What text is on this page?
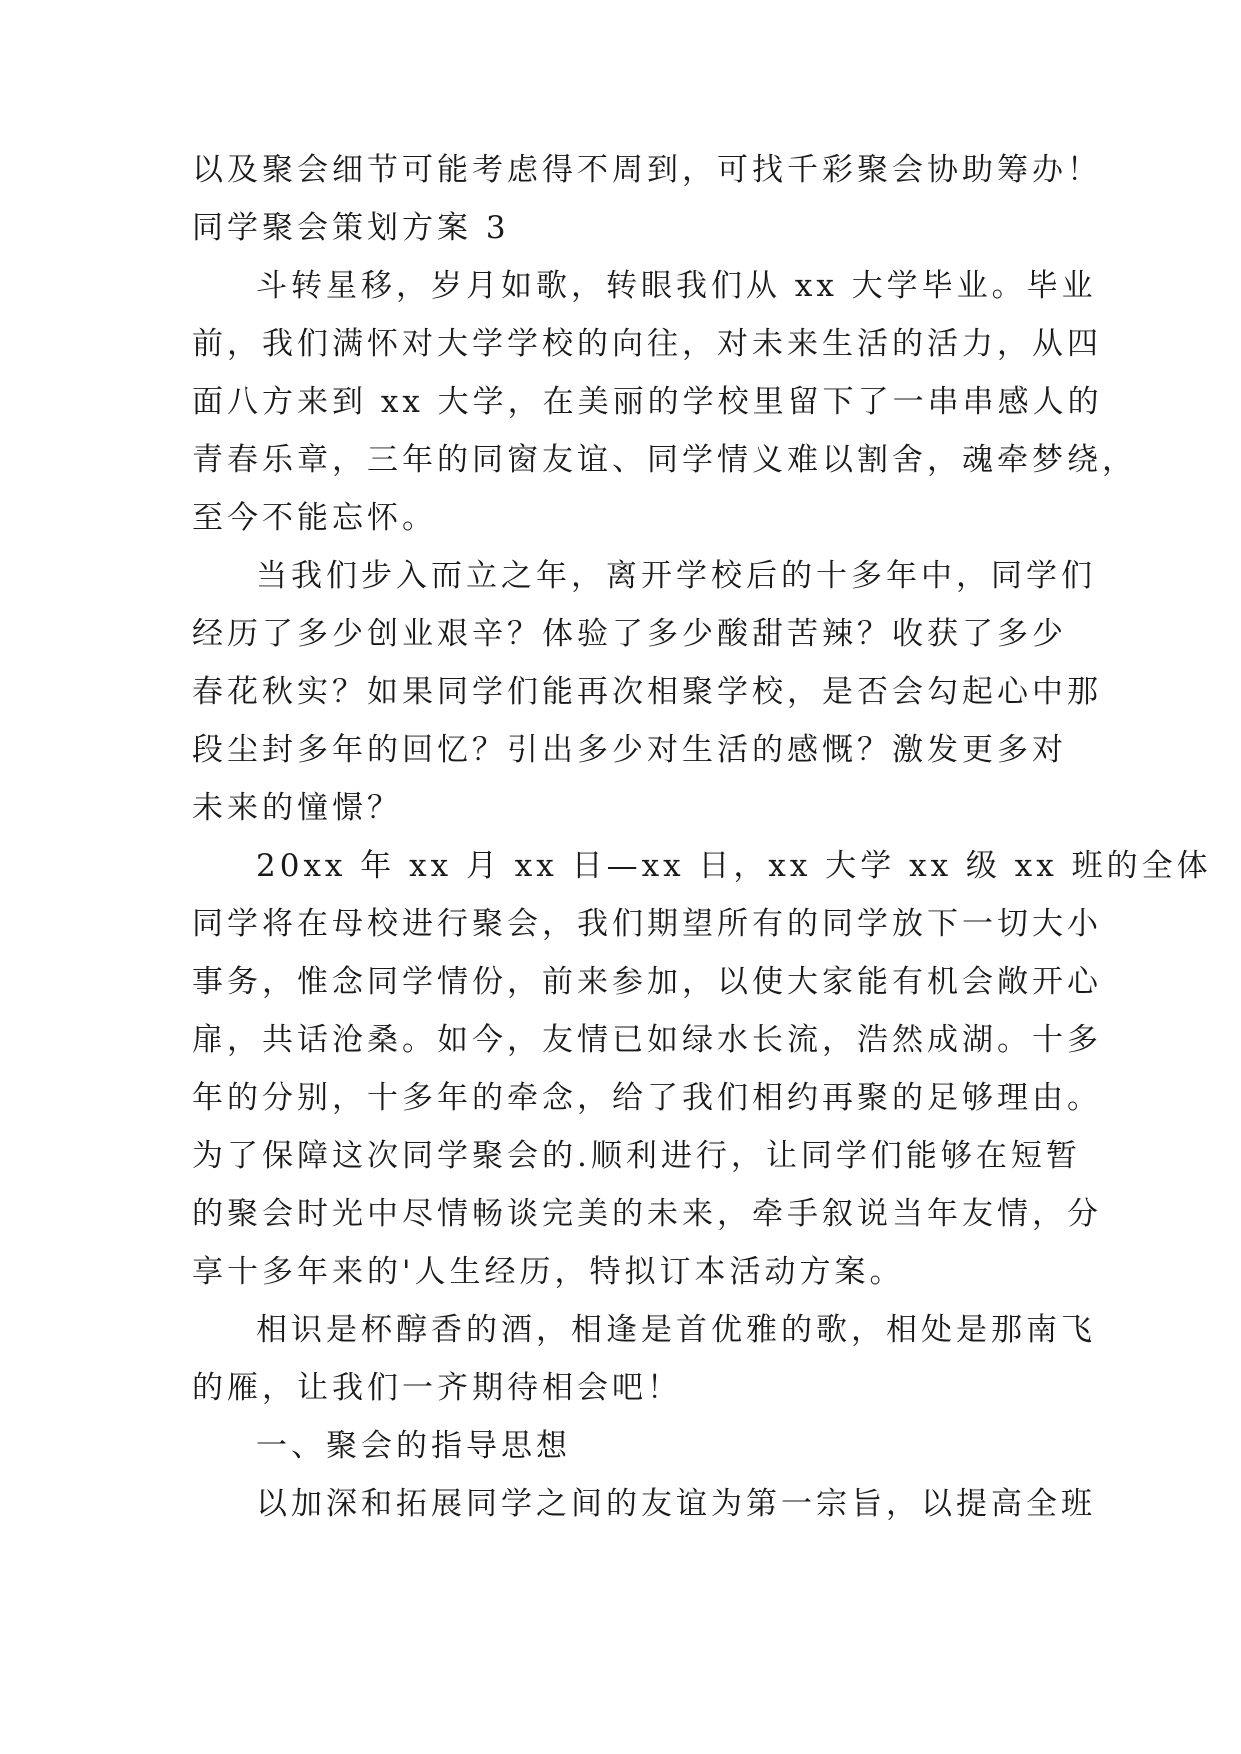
以及聚会细节可能考虑得不周到，可找千彩聚会协助筹办！
同学聚会策划方案 3
斗转星移，岁月如歌，转眼我们从 xx 大学毕业。毕业
前，我们满怀对大学学校的向往，对未来生活的活力，从四
面八方来到 xx 大学，在美丽的学校里留下了一串串感人的
青春乐章，三年的同窗友谊、同学情义难以割舍，魂牵梦绕，
至今不能忘怀。
当我们步入而立之年，离开学校后的十多年中，同学们
经历了多少创业艰辛？体验了多少酸甜苦辣？收获了多少
春花秋实？如果同学们能再次相聚学校，是否会勾起心中那
段尘封多年的回忆？引出多少对生活的感慨？激发更多对
未来的憧憬？
20xx 年 xx 月 xx 日—xx 日，xx 大学 xx 级 xx 班的全体
同学将在母校进行聚会，我们期望所有的同学放下一切大小
事务，惟念同学情份，前来参加，以使大家能有机会敞开心
扉，共话沧桑。如今，友情已如绿水长流，浩然成湖。十多
年的分别，十多年的牵念，给了我们相约再聚的足够理由。
为了保障这次同学聚会的.顺利进行，让同学们能够在短暂
的聚会时光中尽情畅谈完美的未来，牵手叙说当年友情，分
享十多年来的'人生经历，特拟订本活动方案。
相识是杯醇香的酒，相逢是首优雅的歌，相处是那南飞
的雁，让我们一齐期待相会吧！
一、聚会的指导思想
以加深和拓展同学之间的友谊为第一宗旨，以提高全班
